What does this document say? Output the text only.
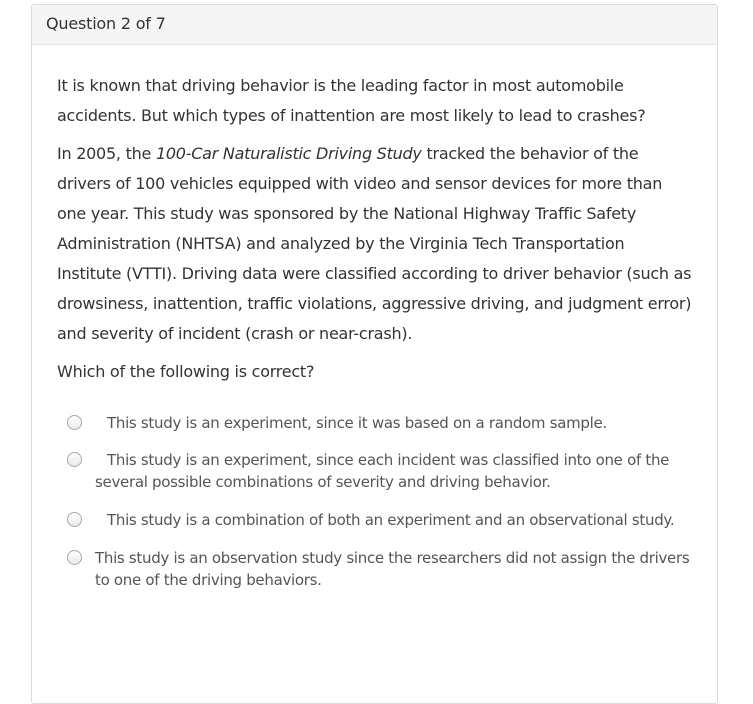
Question 2 of 7

It is known that driving behavior is the leading factor in most automobile accidents. But which types of inattention are most likely to lead to crashes?

In 2005, the 100-Car Naturalistic Driving Study tracked the behavior of the drivers of 100 vehicles equipped with video and sensor devices for more than one year. This study was sponsored by the National Highway Traffic Safety Administration (NHTSA) and analyzed by the Virginia Tech Transportation Institute (VTTI). Driving data were classified according to driver behavior (such as drowsiness, inattention, traffic violations, aggressive driving, and judgment error) and severity of incident (crash or near-crash).

Which of the following is correct?

This study is an experiment, since it was based on a random sample.
This study is an experiment, since each incident was classified into one of the several possible combinations of severity and driving behavior.
This study is a combination of both an experiment and an observational study.
This study is an observation study since the researchers did not assign the drivers to one of the driving behaviors.
